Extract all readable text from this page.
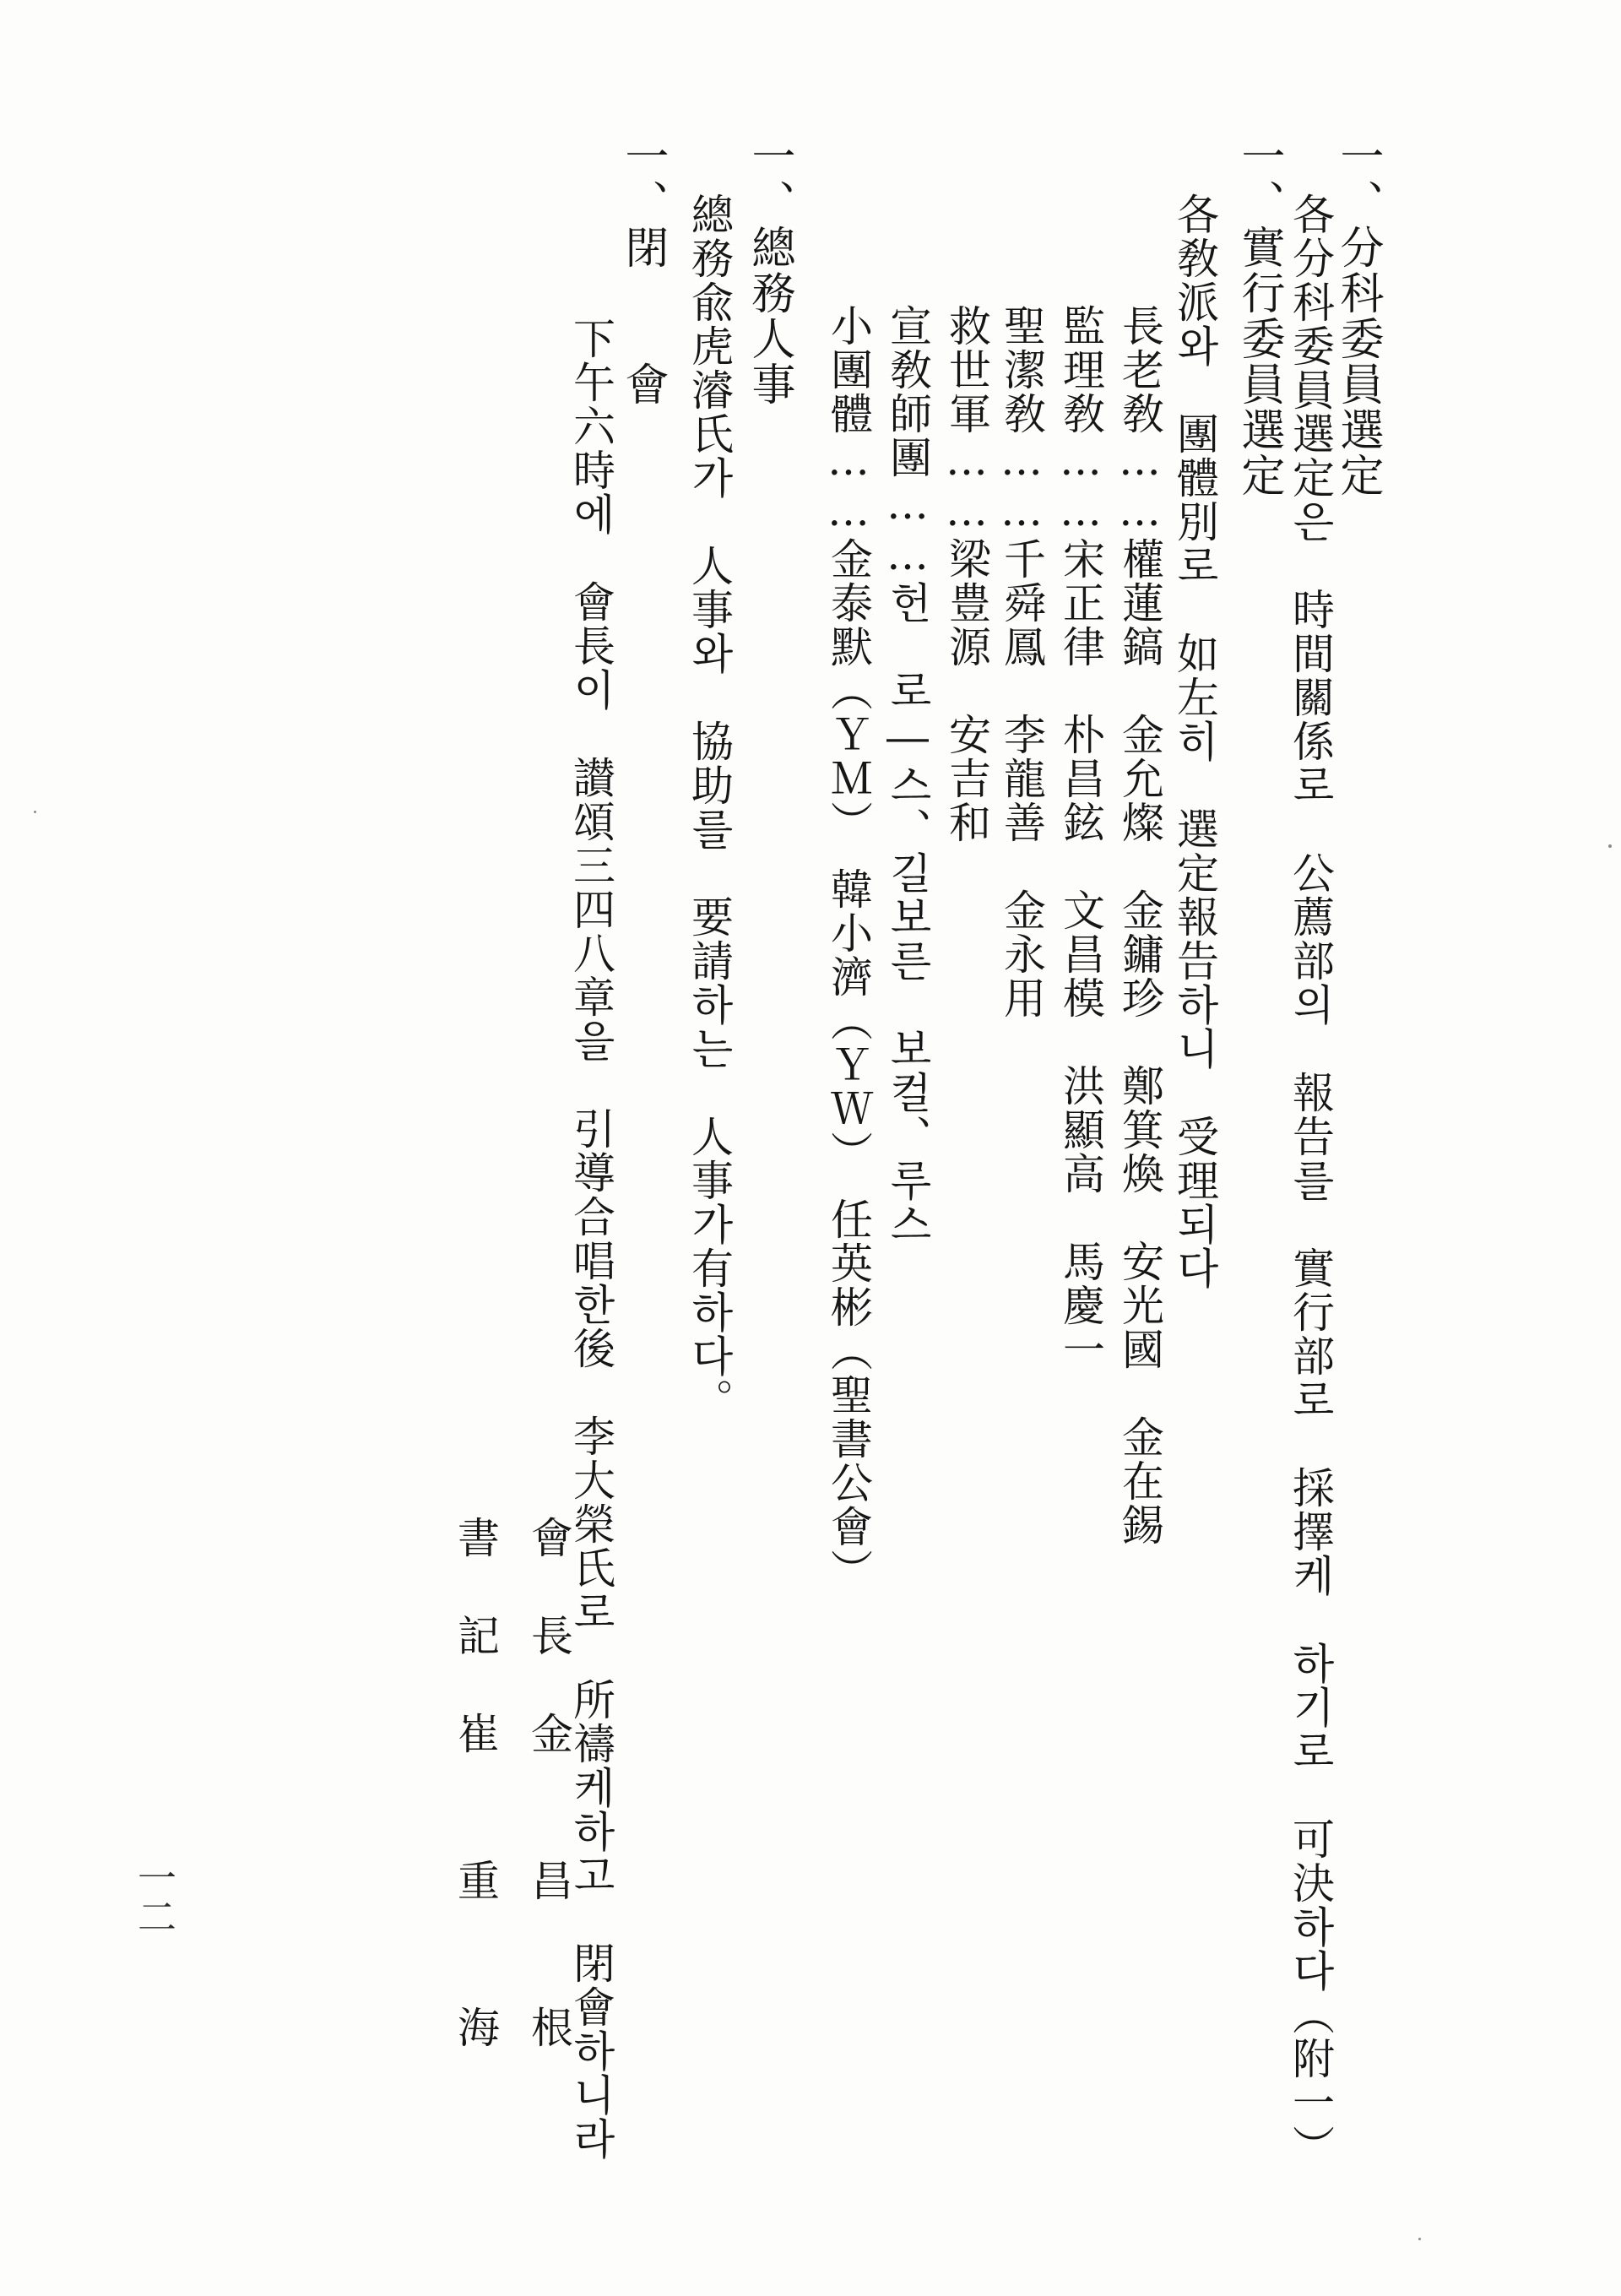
一、分科委員選定

各分科委員選定은　時間關係로　公薦部의　報告를　實行部로　採擇케　하기로　可決하다（附一）

一、實行委員選定

各敎派와　團體別로　如左히　選定報告하니　受理되다

長老敎……權蓮鎬　金允燦　金鏞珍　鄭箕煥　安光國　金在錫

監理敎……宋正律　朴昌鉉　文昌模　洪顯高　馬慶一

聖潔敎……千舜鳳　李龍善　金永用

救世軍……梁豊源　安吉和

宣敎師團……헌　로―스、길보른　보컬、루스

小團體……金泰默（ＹＭ）　韓小濟（ＹＷ）　任英彬（聖書公會）

一、總務人事

總務兪虎濬氏가　人事와　協助를　要請하는　人事가有하다。

一、閉　　會

下午六時에　會長이　讃頌三四八章을　引導合唱한後　李大榮氏로　所禱케하고　閉會하니라

會　長　金　　昌　　根

書　記　崔　　重　　海

一二
